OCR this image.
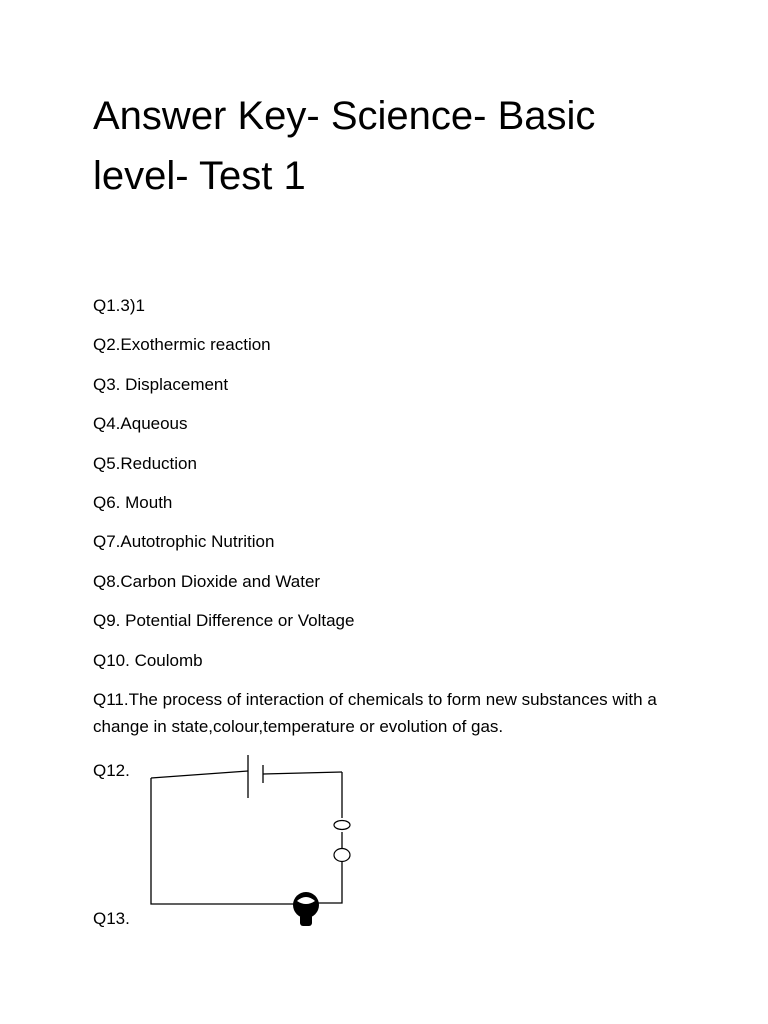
Answer Key- Science- Basic level- Test 1
Q1.3)1
Q2.Exothermic reaction
Q3. Displacement
Q4.Aqueous
Q5.Reduction
Q6. Mouth
Q7.Autotrophic Nutrition
Q8.Carbon Dioxide and Water
Q9. Potential Difference or Voltage
Q10. Coulomb
Q11.The process of interaction of chemicals to form new substances with a change in state,colour,temperature or evolution of gas.
Q12.
Q13.
